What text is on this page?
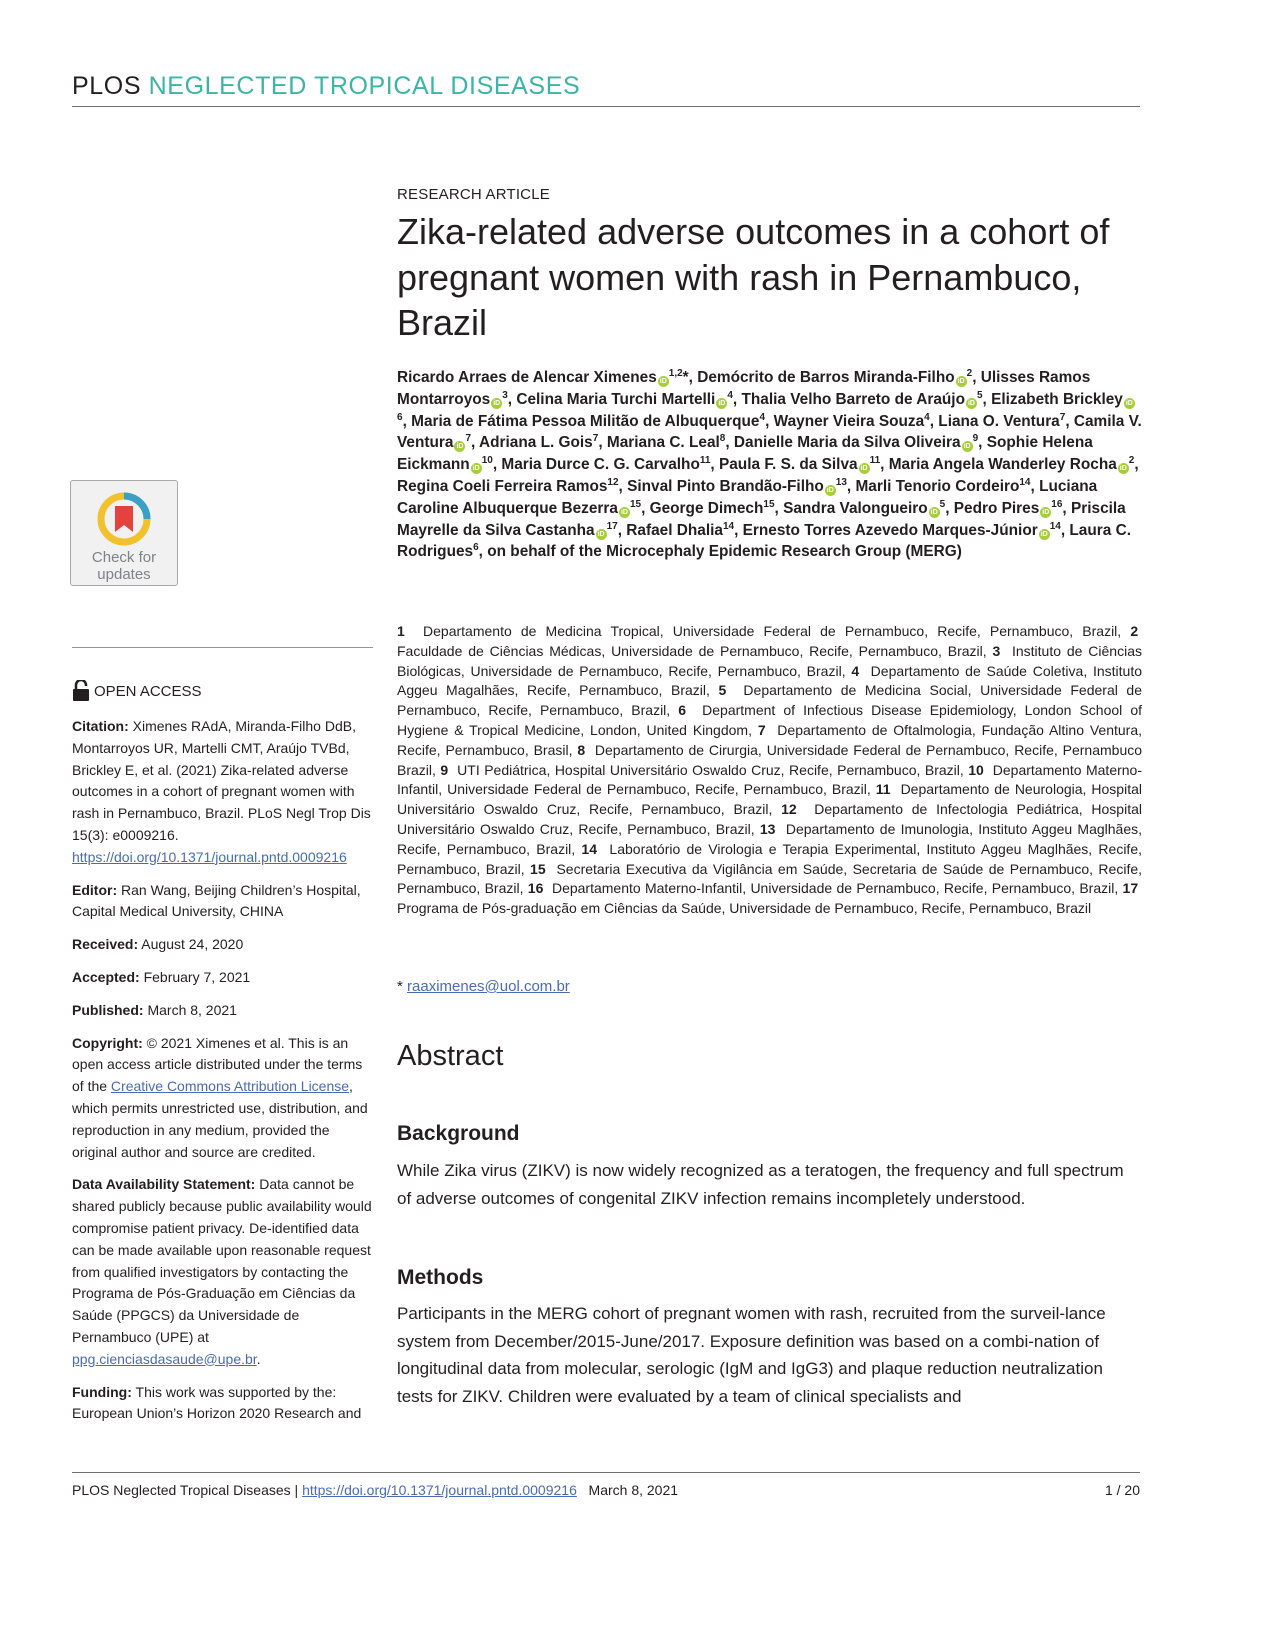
PLOS NEGLECTED TROPICAL DISEASES
Check for
updates
OPEN ACCESS

Citation: Ximenes RAdA, Miranda-Filho DdB, Montarroyos UR, Martelli CMT, Araújo TVBd, Brickley E, et al. (2021) Zika-related adverse outcomes in a cohort of pregnant women with rash in Pernambuco, Brazil. PLoS Negl Trop Dis 15(3): e0009216. https://doi.org/10.1371/journal.pntd.0009216

Editor: Ran Wang, Beijing Children’s Hospital, Capital Medical University, CHINA

Received: August 24, 2020

Accepted: February 7, 2021

Published: March 8, 2021

Copyright: © 2021 Ximenes et al. This is an open access article distributed under the terms of the Creative Commons Attribution License, which permits unrestricted use, distribution, and reproduction in any medium, provided the original author and source are credited.

Data Availability Statement: Data cannot be shared publicly because public availability would compromise patient privacy. De-identified data can be made available upon reasonable request from qualified investigators by contacting the Programa de Pós-Graduação em Ciências da Saúde (PPGCS) da Universidade de Pernambuco (UPE) at ppg.cienciasdasaude@upe.br.

Funding: This work was supported by the: European Union’s Horizon 2020 Research and

RESEARCH ARTICLE
Zika-related adverse outcomes in a cohort of pregnant women with rash in Pernambuco, Brazil
Ricardo Arraes de Alencar Ximenes iD$^{1,2}$*, Demócrito de Barros Miranda-Filho $iD^2$, Ulisses Ramos Montarroyos $iD^3$, Celina Maria Turchi Martelli $iD^4$, Thalia Velho Barreto de Araújo $iD^5$, Elizabeth Brickley $iD^6$, Maria de Fátima Pessoa Militão de Albuquerque$^4$, Wayner Vieira Souza$^4$, Liana O. Ventura$^7$, Camila V. Ventura $iD^7$, Adriana L. Gois$^7$, Mariana C. Leal$^8$, Danielle Maria da Silva Oliveira $iD^9$, Sophie Helena Eickmann $iD^{10}$, Maria Durce C. G. Carvalho$^{11}$, Paula F. S. da Silva $iD^{11}$, Maria Angela Wanderley Rocha $iD^2$, Regina Coeli Ferreira Ramos$^{12}$, Sinval Pinto Brandão-Filho $iD^{13}$, Marli Tenorio Cordeiro$^{14}$, Luciana Caroline Albuquerque Bezerra $iD^{15}$, George Dimech$^{15}$, Sandra Valongueiro $iD^5$, Pedro Pires $iD^{16}$, Priscila Mayrelle da Silva Castanha $iD^{17}$, Rafael Dhalia$^{14}$, Ernesto Torres Azevedo Marques-Júnior $iD^{14}$, Laura C. Rodrigues$^6$, on behalf of the Microcephaly Epidemic Research Group (MERG)
1  Departamento de Medicina Tropical, Universidade Federal de Pernambuco, Recife, Pernambuco, Brazil, 2  Faculdade de Ciências Médicas, Universidade de Pernambuco, Recife, Pernambuco, Brazil, 3  Instituto de Ciências Biológicas, Universidade de Pernambuco, Recife, Pernambuco, Brazil, 4  Departamento de Saúde Coletiva, Instituto Aggeu Magalhães, Recife, Pernambuco, Brazil, 5  Departamento de Medicina Social, Universidade Federal de Pernambuco, Recife, Pernambuco, Brazil, 6  Department of Infectious Disease Epidemiology, London School of Hygiene & Tropical Medicine, London, United Kingdom, 7  Departamento de Oftalmologia, Fundação Altino Ventura, Recife, Pernambuco, Brasil, 8  Departamento de Cirurgia, Universidade Federal de Pernambuco, Recife, Pernambuco Brazil, 9  UTI Pediátrica, Hospital Universitário Oswaldo Cruz, Recife, Pernambuco, Brazil, 10  Departamento Materno-Infantil, Universidade Federal de Pernambuco, Recife, Pernambuco, Brazil, 11  Departamento de Neurologia, Hospital Universitário Oswaldo Cruz, Recife, Pernambuco, Brazil, 12  Departamento de Infectologia Pediátrica, Hospital Universitário Oswaldo Cruz, Recife, Pernambuco, Brazil, 13  Departamento de Imunologia, Instituto Aggeu Maglhães, Recife, Pernambuco, Brazil, 14  Laboratório de Virologia e Terapia Experimental, Instituto Aggeu Maglhães, Recife, Pernambuco, Brazil, 15  Secretaria Executiva da Vigilância em Saúde, Secretaria de Saúde de Pernambuco, Recife, Pernambuco, Brazil, 16  Departamento Materno-Infantil, Universidade de Pernambuco, Recife, Pernambuco, Brazil, 17  Programa de Pós-graduação em Ciências da Saúde, Universidade de Pernambuco, Recife, Pernambuco, Brazil
* raaximenes@uol.com.br
Abstract
Background

While Zika virus (ZIKV) is now widely recognized as a teratogen, the frequency and full spectrum of adverse outcomes of congenital ZIKV infection remains incompletely understood.

Methods

Participants in the MERG cohort of pregnant women with rash, recruited from the surveil-lance system from December/2015-June/2017. Exposure definition was based on a combi-nation of longitudinal data from molecular, serologic (IgM and IgG3) and plaque reduction neutralization tests for ZIKV. Children were evaluated by a team of clinical specialists and

PLOS Neglected Tropical Diseases | https://doi.org/10.1371/journal.pntd.0009216 March 8, 2021	1 / 20
